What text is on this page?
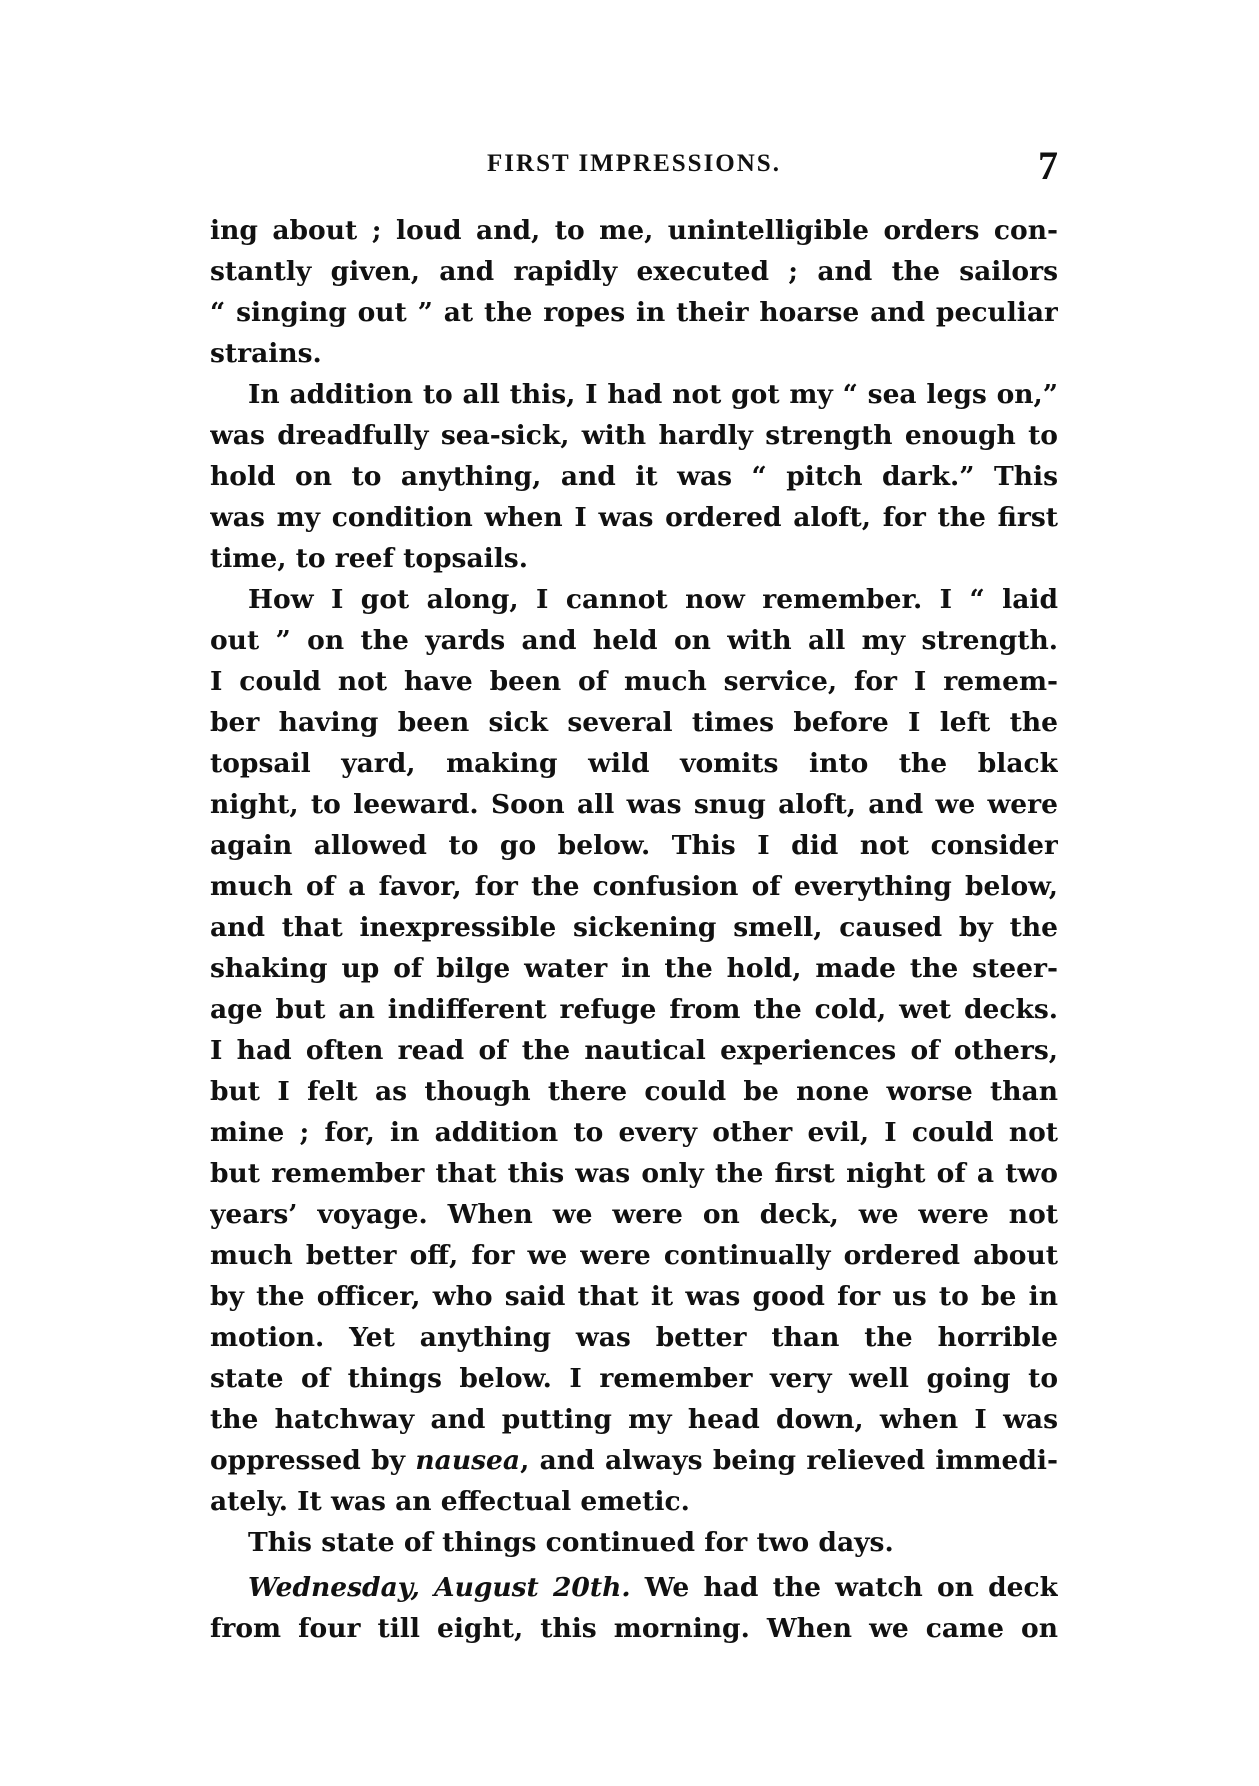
FIRST IMPRESSIONS.	7
ing about ; loud and, to me, unintelligible orders con-
stantly given, and rapidly executed ; and the sailors
“ singing out ” at the ropes in their hoarse and peculiar
strains.
In addition to all this, I had not got my “ sea legs on,”
was dreadfully sea-sick, with hardly strength enough to
hold on to anything, and it was “ pitch dark.” This
was my condition when I was ordered aloft, for the first
time, to reef topsails.
How I got along, I cannot now remember. I “ laid
out ” on the yards and held on with all my strength.
I could not have been of much service, for I remem-
ber having been sick several times before I left the
topsail yard, making wild vomits into the black
night, to leeward. Soon all was snug aloft, and we were
again allowed to go below. This I did not consider
much of a favor, for the confusion of everything below,
and that inexpressible sickening smell, caused by the
shaking up of bilge water in the hold, made the steer-
age but an indifferent refuge from the cold, wet decks.
I had often read of the nautical experiences of others,
but I felt as though there could be none worse than
mine ; for, in addition to every other evil, I could not
but remember that this was only the first night of a two
years’ voyage. When we were on deck, we were not
much better off, for we were continually ordered about
by the officer, who said that it was good for us to be in
motion. Yet anything was better than the horrible
state of things below. I remember very well going to
the hatchway and putting my head down, when I was
oppressed by nausea, and always being relieved immedi-
ately. It was an effectual emetic.
This state of things continued for two days.
Wednesday, August 20th. We had the watch on deck
from four till eight, this morning. When we came on
